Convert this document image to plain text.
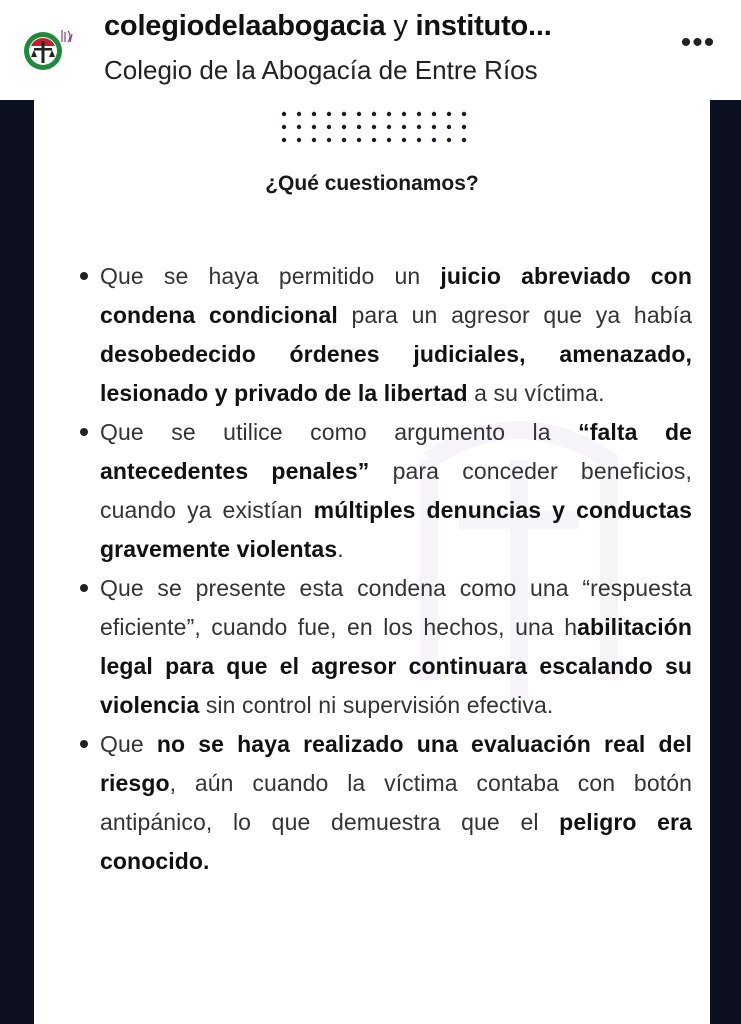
colegiodelaabogacia y instituto...
Colegio de la Abogacía de Entre Ríos
•••
¿Qué cuestionamos?
Que se haya permitido un juicio abreviado con condena condicional para un agresor que ya había desobedecido órdenes judiciales, amenazado, lesionado y privado de la libertad a su víctima.
Que se utilice como argumento la “falta de antecedentes penales” para conceder beneficios, cuando ya existían múltiples denuncias y conductas gravemente violentas.
Que se presente esta condena como una “respuesta eficiente”, cuando fue, en los hechos, una habilitación legal para que el agresor continuara escalando su violencia sin control ni supervisión efectiva.
Que no se haya realizado una evaluación real del riesgo, aún cuando la víctima contaba con botón antipánico, lo que demuestra que el peligro era conocido.
